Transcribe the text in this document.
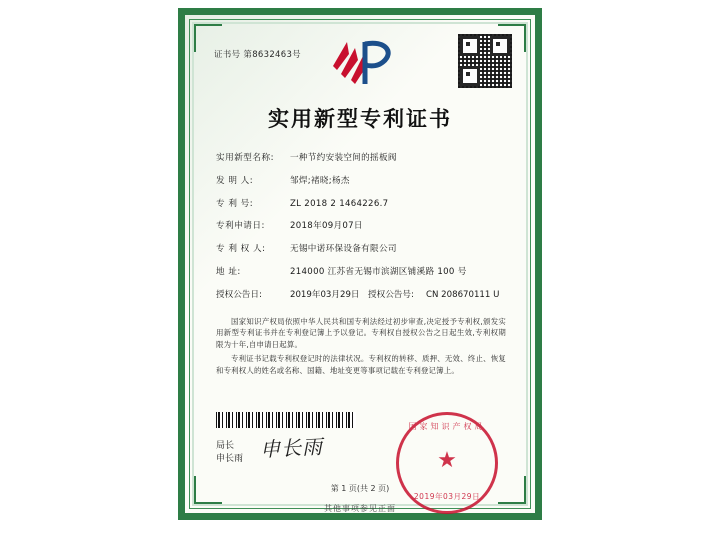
证书号 第8632463号
实用新型专利证书
实用新型名称:	一种节约安装空间的摇板阀
发 明 人:	邹焊;褚晓;杨杰
专 利 号:	ZL 2018 2 1464226.7
专利申请日:	2018年09月07日
专 利 权 人:	无锡中诺环保设备有限公司
地 址:	214000 江苏省无锡市滨湖区铺溪路 100 号
授权公告日:	2019年03月29日 授权公告号:	CN 208670111 U

国家知识产权局依照中华人民共和国专利法经过初步审查,决定授予专利权,颁发实用新型专利证书并在专利登记簿上予以登记。专利权自授权公告之日起生效,专利权期限为十年,自申请日起算。

专利证书记载专利权登记时的法律状况。专利权的转移、质押、无效、终止、恢复和专利权人的姓名或名称、国籍、地址变更等事项记载在专利登记簿上。

局长
申长雨 申长雨
国家知识产权局
★
2019年03月29日
第 1 页(共 2 页)
其他事项参见正面
